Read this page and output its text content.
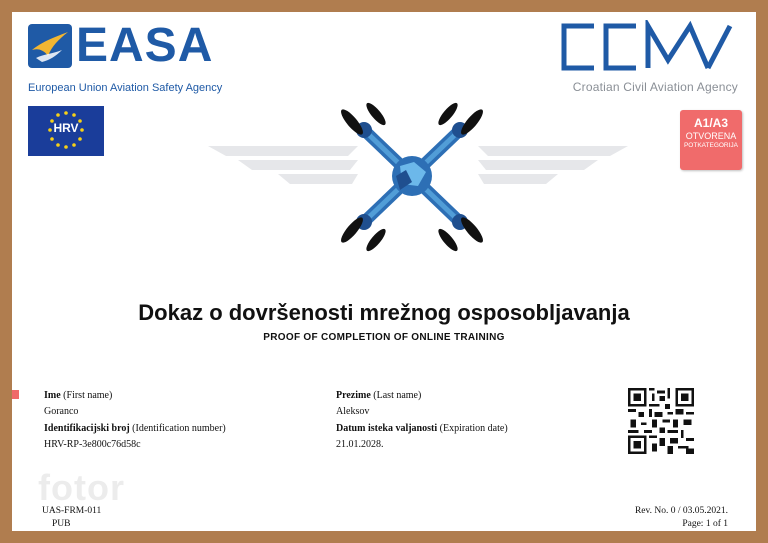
EASA
European Union Aviation Safety Agency	Croatian Civil Aviation Agency
HRV	A1/A3
OTVORENA
POTKATEGORIJA
Dokaz o dovršenosti mrežnog osposobljavanja
PROOF OF COMPLETION OF ONLINE TRAINING
Ime (First name)
Goranco
Identifikacijski broj (Identification number)
HRV-RP-3e800c76d58c
Prezime (Last name)
Aleksov
Datum isteka valjanosti (Expiration date)
21.01.2028.
fotor
UAS-FRM-011
PUB
Rev. No. 0 / 03.05.2021.
Page: 1 of 1
